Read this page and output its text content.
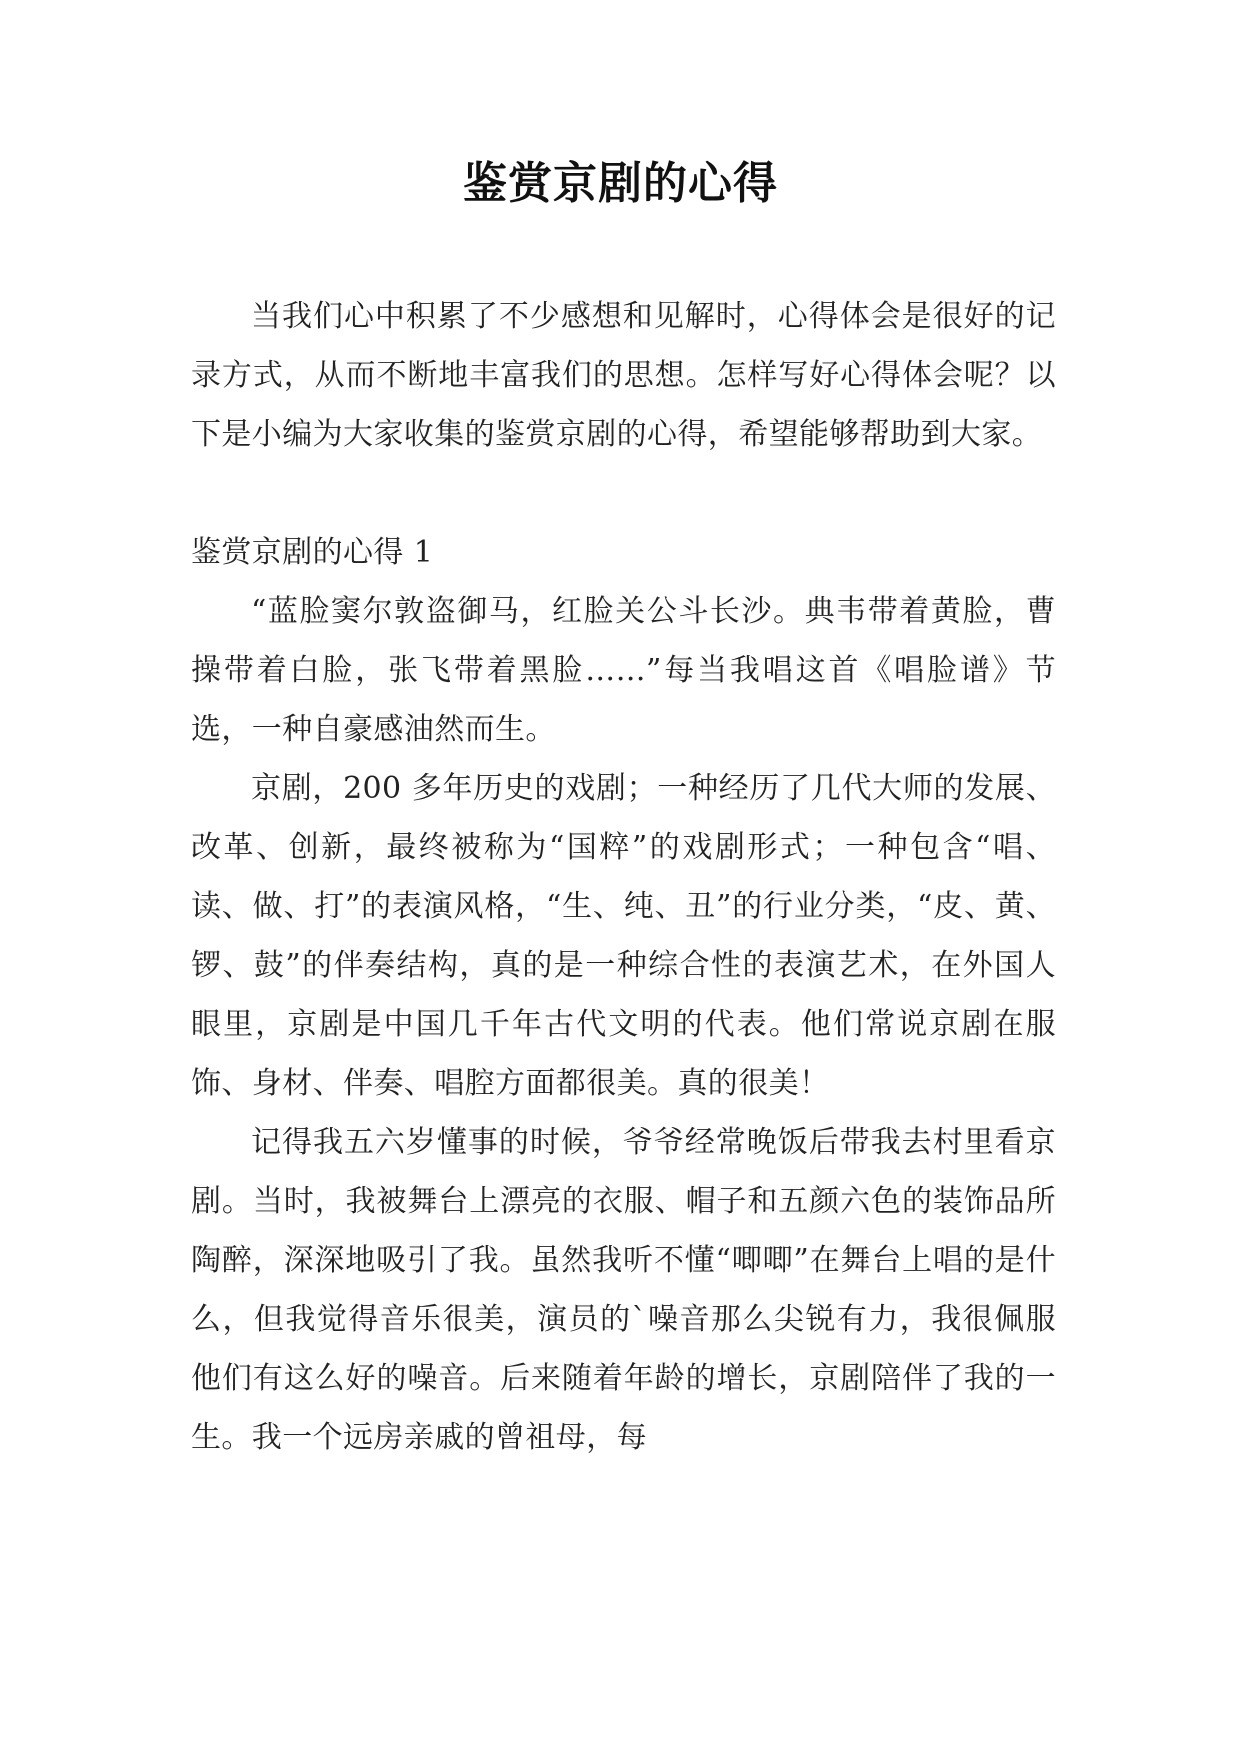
鉴赏京剧的心得

当我们心中积累了不少感想和见解时，心得体会是很好的记录方式，从而不断地丰富我们的思想。怎样写好心得体会呢？以下是小编为大家收集的鉴赏京剧的心得，希望能够帮助到大家。

鉴赏京剧的心得 1

“蓝脸窦尔敦盗御马，红脸关公斗长沙。典韦带着黄脸，曹操带着白脸，张飞带着黑脸……”每当我唱这首《唱脸谱》节选，一种自豪感油然而生。

京剧，200 多年历史的戏剧；一种经历了几代大师的发展、改革、创新，最终被称为“国粹”的戏剧形式；一种包含“唱、读、做、打”的表演风格，“生、纯、丑”的行业分类，“皮、黄、锣、鼓”的伴奏结构，真的是一种综合性的表演艺术，在外国人眼里，京剧是中国几千年古代文明的代表。他们常说京剧在服饰、身材、伴奏、唱腔方面都很美。真的很美！

记得我五六岁懂事的时候，爷爷经常晚饭后带我去村里看京剧。当时，我被舞台上漂亮的衣服、帽子和五颜六色的装饰品所陶醉，深深地吸引了我。虽然我听不懂“唧唧”在舞台上唱的是什么，但我觉得音乐很美，演员的`噪音那么尖锐有力，我很佩服他们有这么好的噪音。后来随着年龄的增长，京剧陪伴了我的一生。我一个远房亲戚的曾祖母，每
